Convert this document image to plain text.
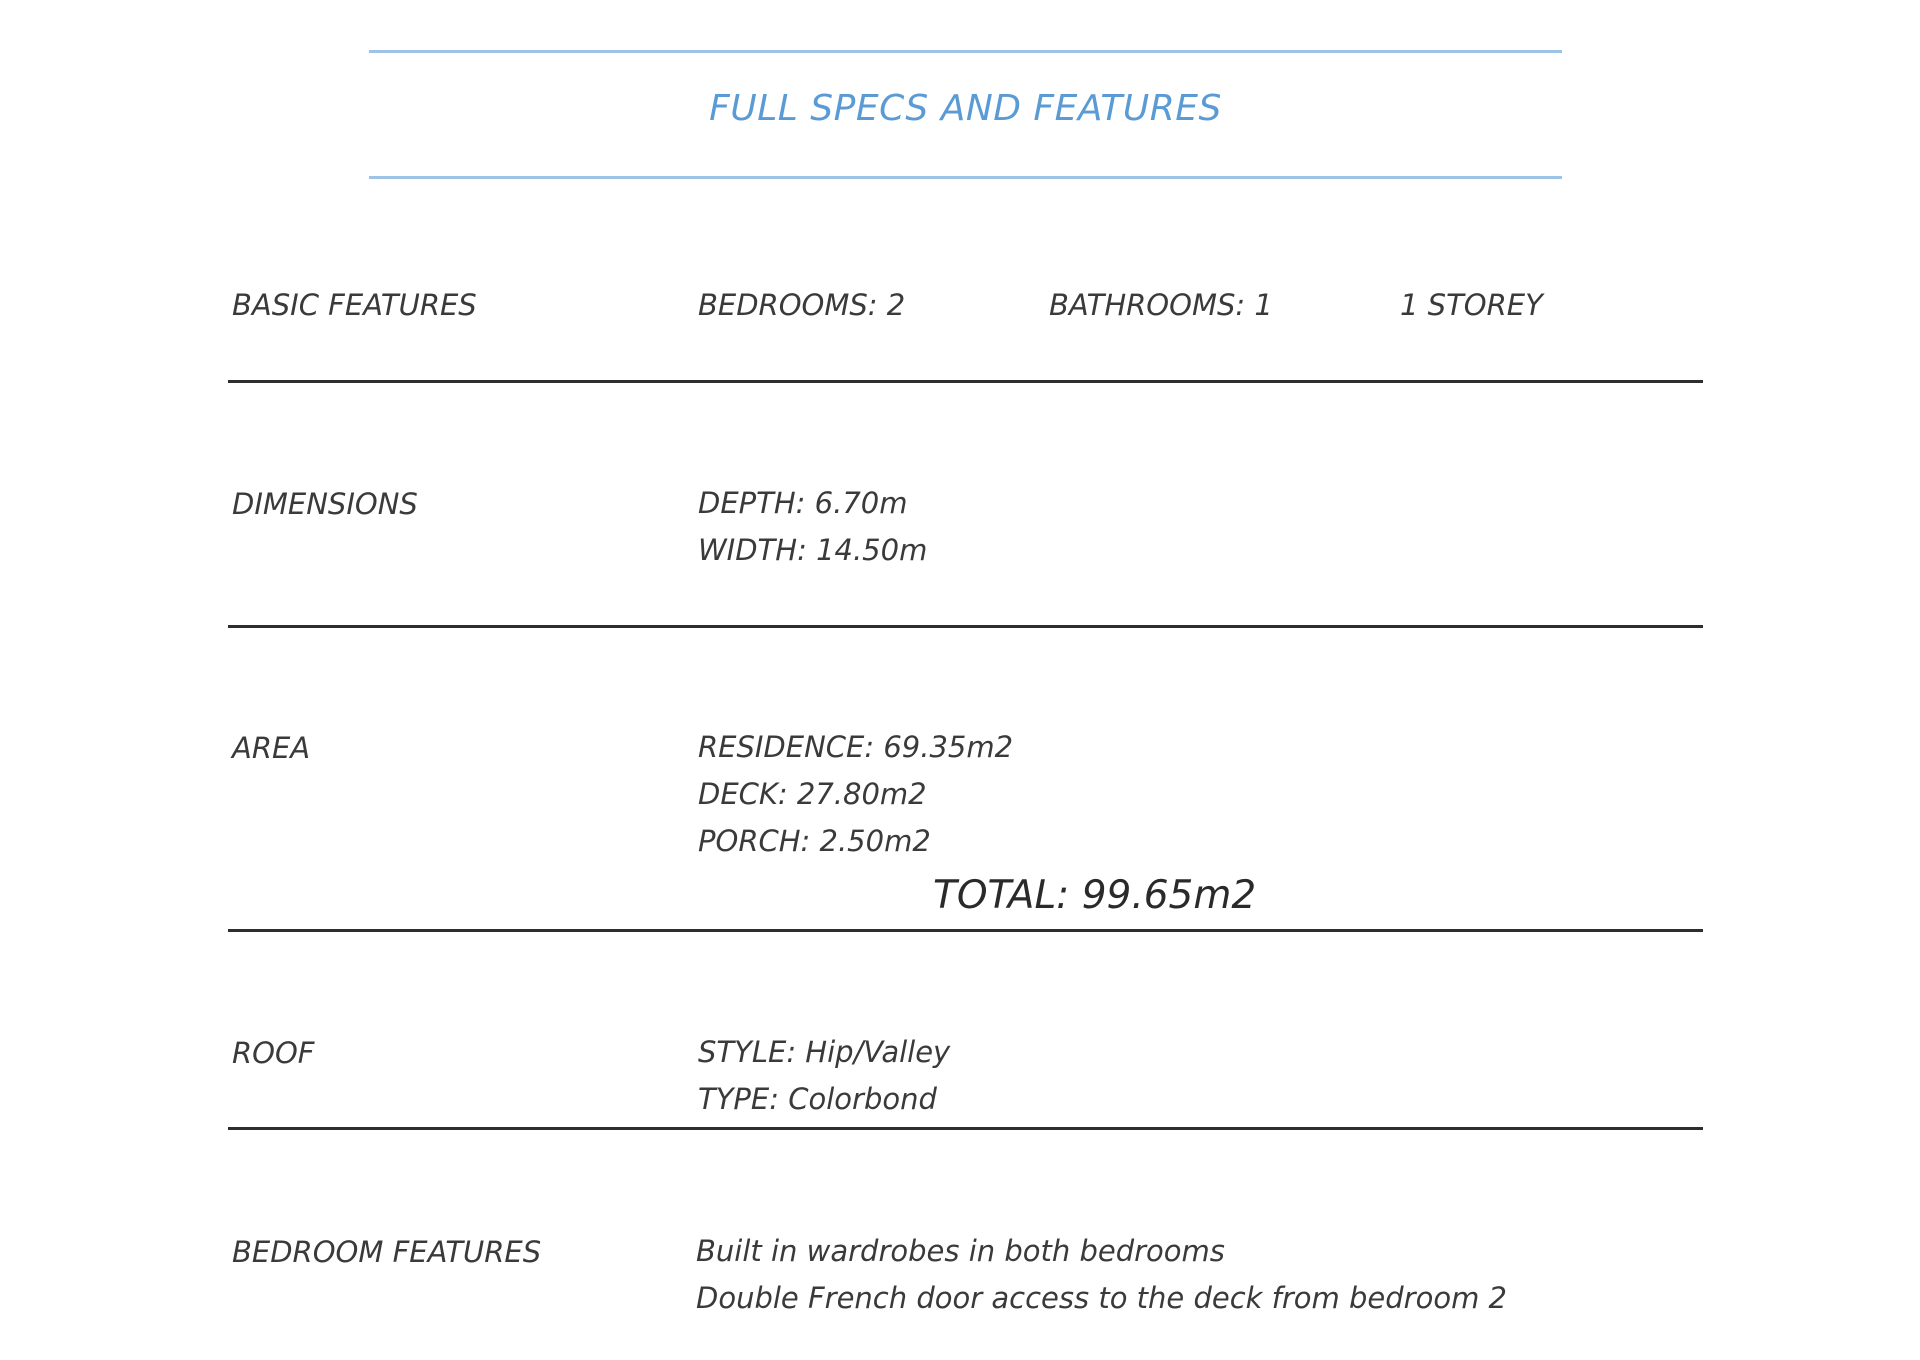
FULL SPECS AND FEATURES
BASIC FEATURES	BEDROOMS: 2	BATHROOMS: 1	1 STOREY
DIMENSIONS	DEPTH: 6.70m
WIDTH: 14.50m
AREA	RESIDENCE: 69.35m2
DECK: 27.80m2
PORCH: 2.50m2
TOTAL: 99.65m2
ROOF	STYLE: Hip/Valley
TYPE: Colorbond
BEDROOM FEATURES	Built in wardrobes in both bedrooms
Double French door access to the deck from bedroom 2
